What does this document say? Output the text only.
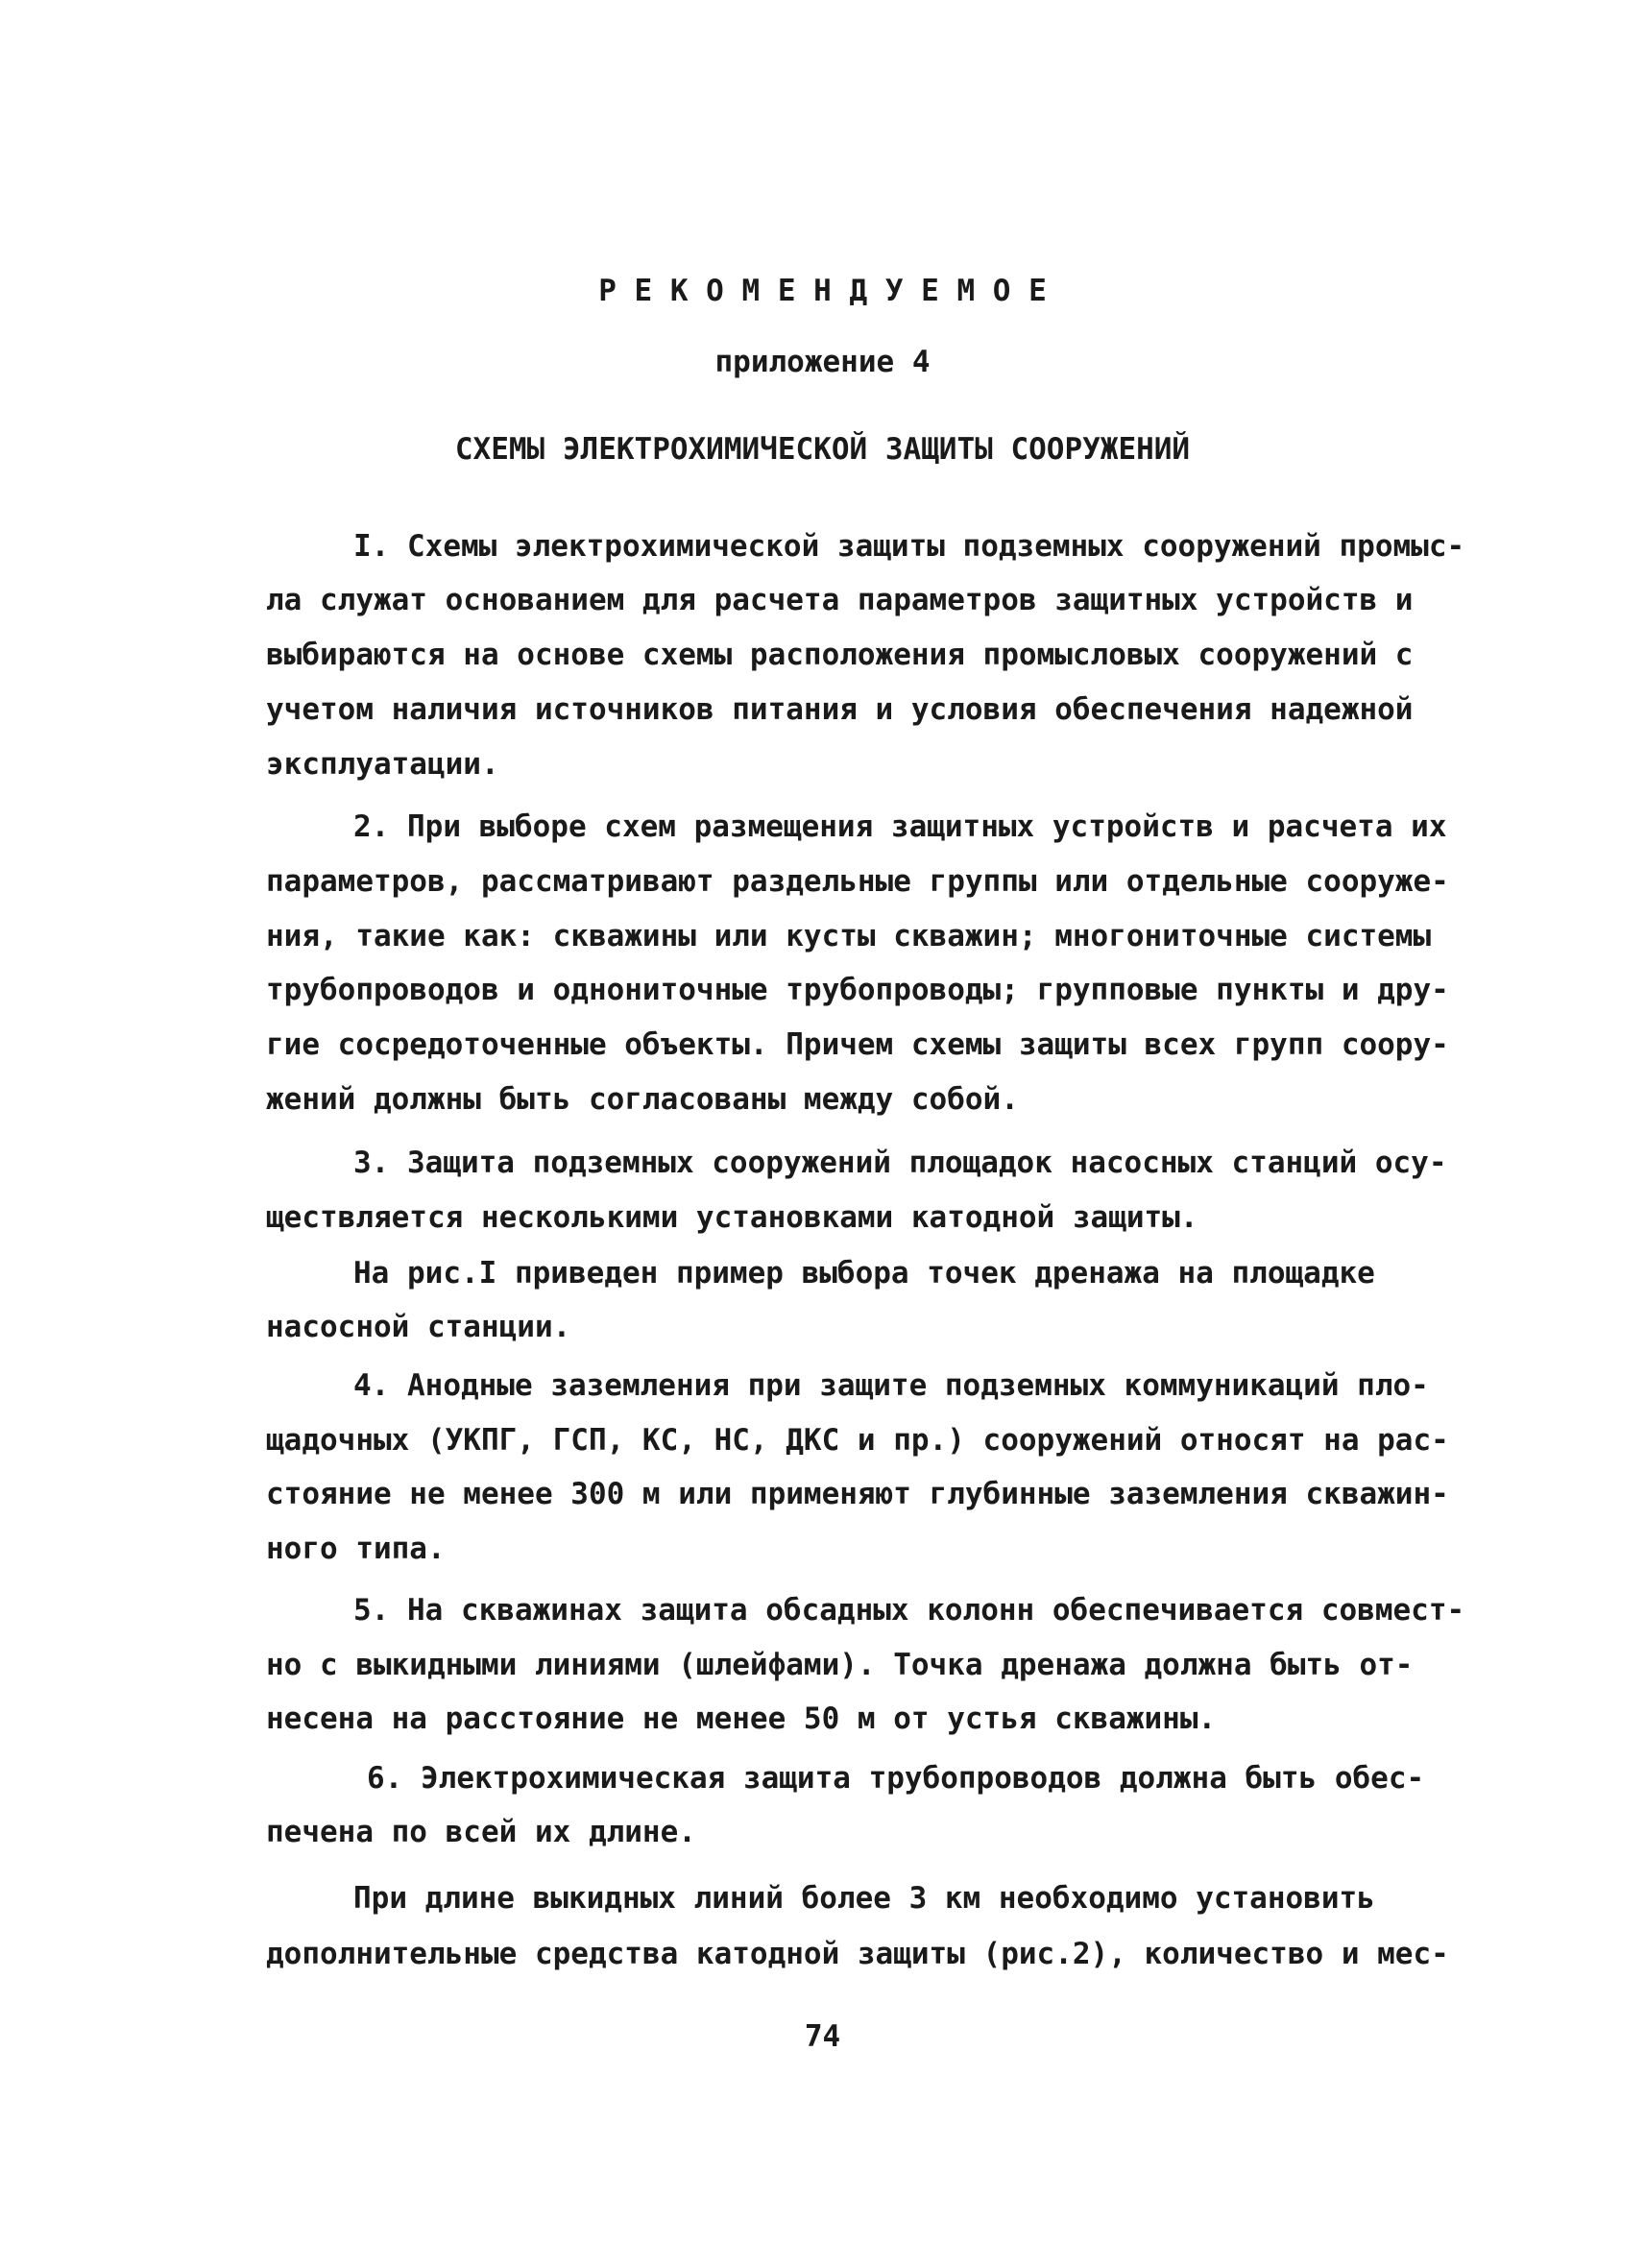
Р Е К О М Е Н Д У Е М О Е
приложение 4
СХЕМЫ ЭЛЕКТРОХИМИЧЕСКОЙ ЗАЩИТЫ СООРУЖЕНИЙ
I. Схемы электрохимической защиты подземных сооружений промыс-
ла служат основанием для расчета параметров защитных устройств и
выбираются на основе схемы расположения промысловых сооружений с
учетом наличия источников питания и условия обеспечения надежной
эксплуатации.
2. При выборе схем размещения защитных устройств и расчета их
параметров, рассматривают раздельные группы или отдельные сооруже-
ния, такие как: скважины или кусты скважин; многониточные системы
трубопроводов и однониточные трубопроводы; групповые пункты и дру-
гие сосредоточенные объекты. Причем схемы защиты всех групп соору-
жений должны быть согласованы между собой.
3. Защита подземных сооружений площадок насосных станций осу-
ществляется несколькими установками катодной защиты.
На рис.I приведен пример выбора точек дренажа на площадке
насосной станции.
4. Анодные заземления при защите подземных коммуникаций пло-
щадочных (УКПГ, ГСП, КС, НС, ДКС и пр.) сооружений относят на рас-
стояние не менее 300 м или применяют глубинные заземления скважин-
ного типа.
5. На скважинах защита обсадных колонн обеспечивается совмест-
но с выкидными линиями (шлейфами). Точка дренажа должна быть от-
несена на расстояние не менее 50 м от устья скважины.
6. Электрохимическая защита трубопроводов должна быть обес-
печена по всей их длине.
При длине выкидных линий более 3 км необходимо установить
дополнительные средства катодной защиты (рис.2), количество и мес-
74
